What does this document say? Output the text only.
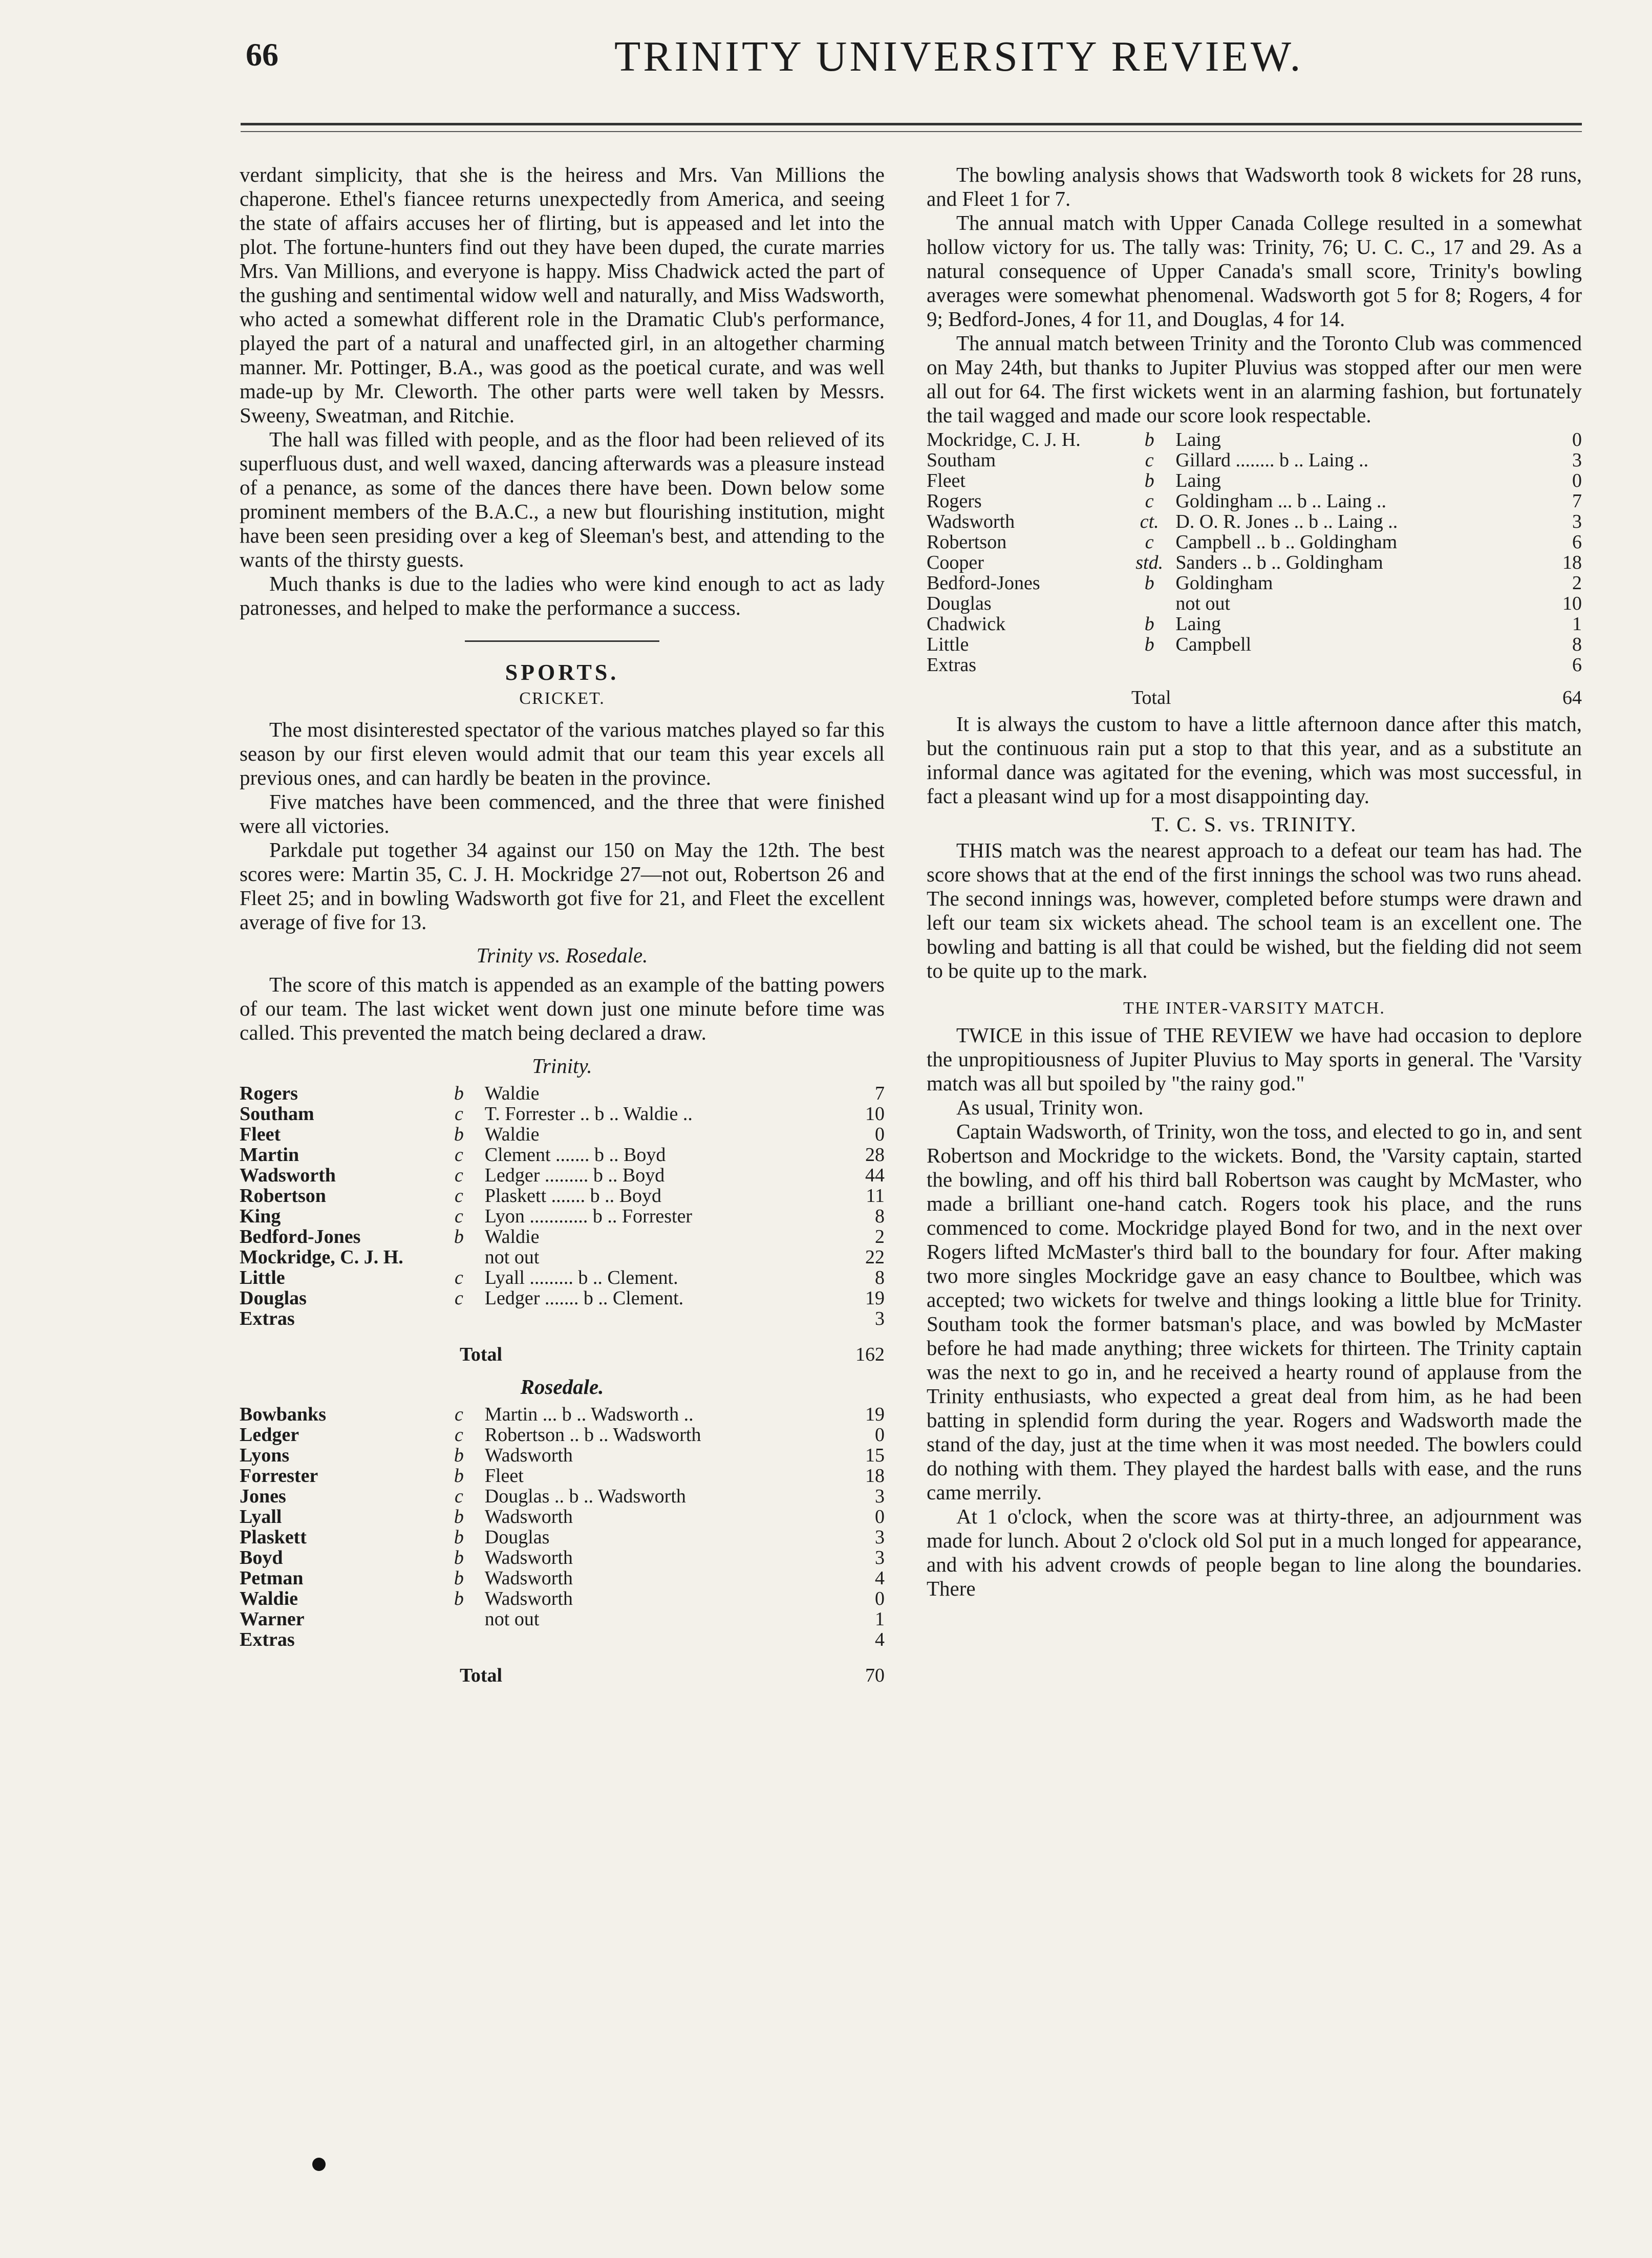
66	TRINITY UNIVERSITY REVIEW.

verdant simplicity, that she is the heiress and Mrs. Van Millions the chaperone. Ethel's fiancee returns unexpectedly from America, and seeing the state of affairs accuses her of flirting, but is appeased and let into the plot. The fortune-hunters find out they have been duped, the curate marries Mrs. Van Millions, and everyone is happy. Miss Chadwick acted the part of the gushing and sentimental widow well and naturally, and Miss Wadsworth, who acted a somewhat different role in the Dramatic Club's performance, played the part of a natural and unaffected girl, in an altogether charming manner. Mr. Pottinger, B.A., was good as the poetical curate, and was well made-up by Mr. Cleworth. The other parts were well taken by Messrs. Sweeny, Sweatman, and Ritchie.

The hall was filled with people, and as the floor had been relieved of its superfluous dust, and well waxed, dancing afterwards was a pleasure instead of a penance, as some of the dances there have been. Down below some prominent members of the B.A.C., a new but flourishing institution, might have been seen presiding over a keg of Sleeman's best, and attending to the wants of the thirsty guests.

Much thanks is due to the ladies who were kind enough to act as lady patronesses, and helped to make the performance a success.

SPORTS.
CRICKET.

The most disinterested spectator of the various matches played so far this season by our first eleven would admit that our team this year excels all previous ones, and can hardly be beaten in the province.

Five matches have been commenced, and the three that were finished were all victories.

Parkdale put together 34 against our 150 on May the 12th. The best scores were: Martin 35, C. J. H. Mockridge 27—not out, Robertson 26 and Fleet 25; and in bowling Wadsworth got five for 21, and Fleet the excellent average of five for 13.

Trinity vs. Rosedale.

The score of this match is appended as an example of the batting powers of our team. The last wicket went down just one minute before time was called. This prevented the match being declared a draw.

Trinity.
Rogers	b	Waldie	7
Southam	c	T. Forrester .. b .. Waldie ..	10
Fleet	b	Waldie	0
Martin	c	Clement ....... b .. Boyd	28
Wadsworth	c	Ledger ......... b .. Boyd	44
Robertson	c	Plaskett ....... b .. Boyd	11
King	c	Lyon ............ b .. Forrester	8
Bedford-Jones	b	Waldie	2
Mockridge, C. J. H.		not out	22
Little	c	Lyall ......... b .. Clement.	8
Douglas	c	Ledger ....... b .. Clement.	19
Extras			3
Total	162
Rosedale.
Bowbanks	c	Martin ... b .. Wadsworth ..	19
Ledger	c	Robertson .. b .. Wadsworth	0
Lyons	b	Wadsworth	15
Forrester	b	Fleet	18
Jones	c	Douglas .. b .. Wadsworth	3
Lyall	b	Wadsworth	0
Plaskett	b	Douglas	3
Boyd	b	Wadsworth	3
Petman	b	Wadsworth	4
Waldie	b	Wadsworth	0
Warner		not out	1
Extras			4
Total	70

The bowling analysis shows that Wadsworth took 8 wickets for 28 runs, and Fleet 1 for 7.

The annual match with Upper Canada College resulted in a somewhat hollow victory for us. The tally was: Trinity, 76; U. C. C., 17 and 29. As a natural consequence of Upper Canada's small score, Trinity's bowling averages were somewhat phenomenal. Wadsworth got 5 for 8; Rogers, 4 for 9; Bedford-Jones, 4 for 11, and Douglas, 4 for 14.

The annual match between Trinity and the Toronto Club was commenced on May 24th, but thanks to Jupiter Pluvius was stopped after our men were all out for 64. The first wickets went in an alarming fashion, but fortunately the tail wagged and made our score look respectable.

Mockridge, C. J. H.	b	Laing	0
Southam	c	Gillard ........ b .. Laing ..	3
Fleet	b	Laing	0
Rogers	c	Goldingham ... b .. Laing ..	7
Wadsworth	ct.	D. O. R. Jones .. b .. Laing ..	3
Robertson	c	Campbell .. b .. Goldingham	6
Cooper	std.	Sanders .. b .. Goldingham	18
Bedford-Jones	b	Goldingham	2
Douglas		not out	10
Chadwick	b	Laing	1
Little	b	Campbell	8
Extras			6
Total	64

It is always the custom to have a little afternoon dance after this match, but the continuous rain put a stop to that this year, and as a substitute an informal dance was agitated for the evening, which was most successful, in fact a pleasant wind up for a most disappointing day.

T. C. S. vs. TRINITY.

THIS match was the nearest approach to a defeat our team has had. The score shows that at the end of the first innings the school was two runs ahead. The second innings was, however, completed before stumps were drawn and left our team six wickets ahead. The school team is an excellent one. The bowling and batting is all that could be wished, but the fielding did not seem to be quite up to the mark.

THE INTER-VARSITY MATCH.

TWICE in this issue of THE REVIEW we have had occasion to deplore the unpropitiousness of Jupiter Pluvius to May sports in general. The 'Varsity match was all but spoiled by "the rainy god."

As usual, Trinity won.

Captain Wadsworth, of Trinity, won the toss, and elected to go in, and sent Robertson and Mockridge to the wickets. Bond, the 'Varsity captain, started the bowling, and off his third ball Robertson was caught by McMaster, who made a brilliant one-hand catch. Rogers took his place, and the runs commenced to come. Mockridge played Bond for two, and in the next over Rogers lifted McMaster's third ball to the boundary for four. After making two more singles Mockridge gave an easy chance to Boultbee, which was accepted; two wickets for twelve and things looking a little blue for Trinity. Southam took the former batsman's place, and was bowled by McMaster before he had made anything; three wickets for thirteen. The Trinity captain was the next to go in, and he received a hearty round of applause from the Trinity enthusiasts, who expected a great deal from him, as he had been batting in splendid form during the year. Rogers and Wadsworth made the stand of the day, just at the time when it was most needed. The bowlers could do nothing with them. They played the hardest balls with ease, and the runs came merrily.

At 1 o'clock, when the score was at thirty-three, an adjournment was made for lunch. About 2 o'clock old Sol put in a much longed for appearance, and with his advent crowds of people began to line along the boundaries. There
